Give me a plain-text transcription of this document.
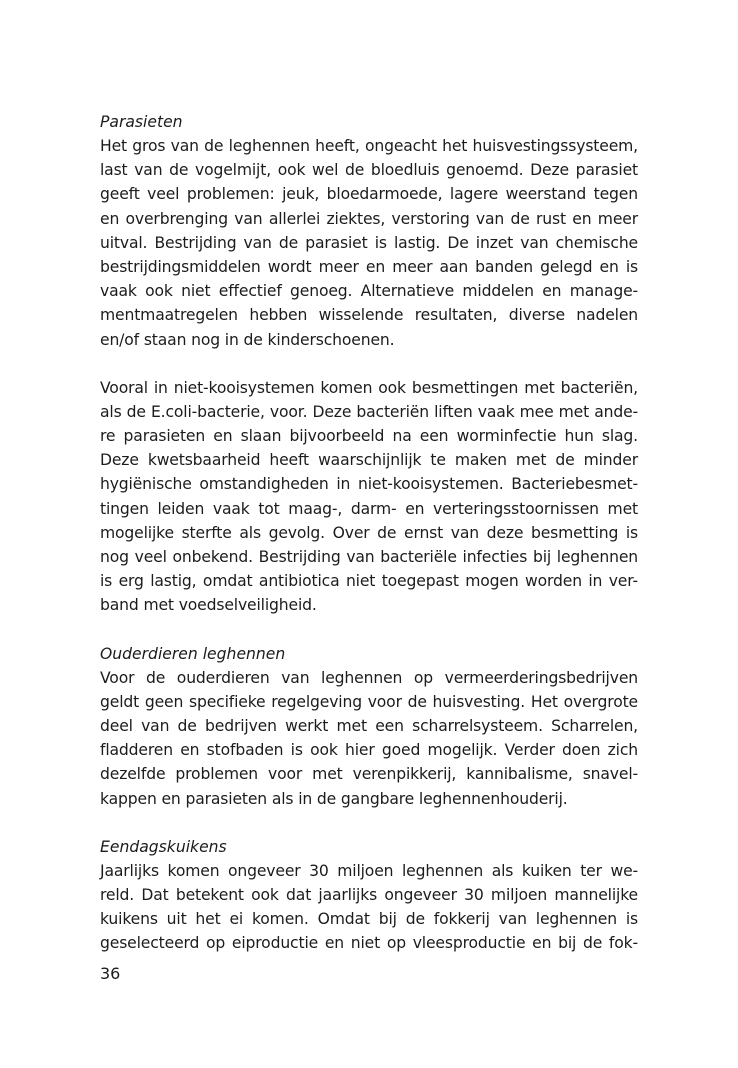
Parasieten
Het gros van de leghennen heeft, ongeacht het huisvestingssysteem,
last van de vogelmijt, ook wel de bloedluis genoemd. Deze parasiet
geeft veel problemen: jeuk, bloedarmoede, lagere weerstand tegen
en overbrenging van allerlei ziektes, verstoring van de rust en meer
uitval. Bestrijding van de parasiet is lastig. De inzet van chemische
bestrijdingsmiddelen wordt meer en meer aan banden gelegd en is
vaak ook niet effectief genoeg. Alternatieve middelen en manage-
mentmaatregelen hebben wisselende resultaten, diverse nadelen
en/of staan nog in de kinderschoenen.
Vooral in niet-kooisystemen komen ook besmettingen met bacteriën,
als de E.coli-bacterie, voor. Deze bacteriën liften vaak mee met ande-
re parasieten en slaan bijvoorbeeld na een worminfectie hun slag.
Deze kwetsbaarheid heeft waarschijnlijk te maken met de minder
hygiënische omstandigheden in niet-kooisystemen. Bacteriebesmet-
tingen leiden vaak tot maag-, darm- en verteringsstoornissen met
mogelijke sterfte als gevolg. Over de ernst van deze besmetting is
nog veel onbekend. Bestrijding van bacteriële infecties bij leghennen
is erg lastig, omdat antibiotica niet toegepast mogen worden in ver-
band met voedselveiligheid.
Ouderdieren leghennen
Voor de ouderdieren van leghennen op vermeerderingsbedrijven
geldt geen specifieke regelgeving voor de huisvesting. Het overgrote
deel van de bedrijven werkt met een scharrelsysteem. Scharrelen,
fladderen en stofbaden is ook hier goed mogelijk. Verder doen zich
dezelfde problemen voor met verenpikkerij, kannibalisme, snavel-
kappen en parasieten als in de gangbare leghennenhouderij.
Eendagskuikens
Jaarlijks komen ongeveer 30 miljoen leghennen als kuiken ter we-
reld. Dat betekent ook dat jaarlijks ongeveer 30 miljoen mannelijke
kuikens uit het ei komen. Omdat bij de fokkerij van leghennen is
geselecteerd op eiproductie en niet op vleesproductie en bij de fok-
36
